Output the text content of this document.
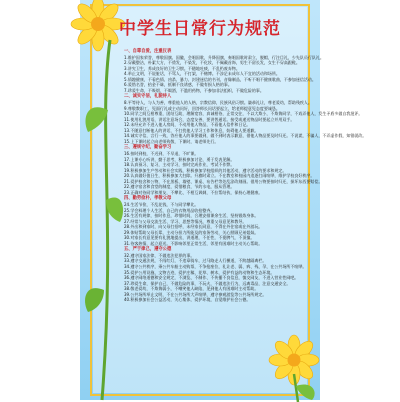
中学生日常行为规范
一、自尊自爱，注重仪表
1.维护国家荣誉，尊敬国旗、国徽，会唱国歌，升降国旗，奏唱国歌时肃立，脱帽，行注目礼，少先队员行队礼。
2.穿戴整洁，朴素大方，不烫发，不染发，不化妆，不佩戴首饰，男生不留长发，女生不穿高跟鞋。
3.讲究卫生，养成良好的卫生习惯。不随地吐痰，不乱扔废弃物。
4.举止文明，不说脏话，不骂人，不打架，不赌博。不涉足未成年人不宜的活动和场所。
5.情趣健康，不看色情、凶杀、暴力、封建迷信的书刊、音像制品，不听不唱不健康歌曲，不参加迷信活动。
6.爱惜名誉，拾金不昧，抵制不良诱惑，不做有损人格的事。
7.珍爱生命，不吸烟，不喝酒，不滥用药物，不参加非法组织，不做危险的事。
二、诚实守信，礼貌待人
8.平等待人，与人为善，尊重他人的人格，宗教信仰，民族风俗习惯。谦恭礼让，尊老爱幼，帮助残疾人。
9.尊敬教职工，见面行礼或主动问好，回答师长问话要起立，给老师提意见态度要诚恳。
10.同学之间互相尊重，团结互助，理解宽容，真诚相待，正常交往，不以大欺小，不欺侮同学，不戏弄他人，发生矛盾多做自我批评。
11.使用礼貌用语，讲话注意场合，态度友善，要讲普通话。接受或递送物品时要起立并用双手。
12.未经允许不进入他人房间，不动用他人物品，不看他人信件和日记。
13.不随意打断他人的讲话，不打扰他人学习工作和休息，妨碍他人要道歉。
14.诚实守信，言行一致，答应他人的事要做到，做不到时表示歉意，借他人物品要及时归还。不说谎，不骗人，不弄虚作假，知错就改。
15.上下课时起立向老师致敬，下课时，请老师先行。
三、遵规守纪，勤奋学习
16.按时到校，不迟到，不早退，不旷课。
17.上课专心听讲，勤于思考，积极参加讨论，勇于发表见解。
18.认真预习、复习，主动学习，按时完成作业，考试不作弊。
19.积极参加生产劳动和社会实践，积极参加学校组织的其他活动，遵守活动的要求和规定。
20.认真做好值日生，积极参加大扫除。升旗时肃立。不在教室和校园内追逐打闹喧哗，维护学校良好秩序。
21.爱护校舍和公物，不在黑板、墙壁、课桌、布告栏等处乱涂改刻画。借用公物要按时归还，损坏东西要赔偿。
22.遵守宿舍和食堂的制度，爱惜粮食，节约水电，服从管理。
23.正确对待同学和朋友，不攀比、不相互讽刺，不拉帮结伙，保持心理健康。
四、勤劳俭朴，孝敬父母
24.生活节俭，不乱花钱，不与同学攀比。
25.学会料理个人生活，自己的衣物用品收拾整齐。
26.生活有规律，按时作息，珍惜时间，合理安排课余生活，坚持锻炼身体。
27.经常与父母交流生活、学习、思想等情况，尊重父母意见和教导。
28.外出和到家时，向父母打招呼，未经家长同意，不得在外住宿或在外游玩。
29.体贴帮助父母长辈，主动分担力所能及的家务劳动，关心照顾兄弟姐妹。
30.对家长有意见要有礼貌地提出，讲道理，不任性，不耍脾气，不顶撞。
31.待客热情，起立迎送。不影响邻里正常生活，邻里有困难时主动关心帮助。
五、严于律己，遵守公德
32.遵守国家法律，不做违法犯罪的事。
33.遵守交通法规，不闯红灯，不违章骑车，过马路走人行横道，不跨越隔离栏。
34.遵守公共秩序，乘公共车船主动购票，不争抢座位，礼让老、弱、病、残、孕，在公共场所不喧哗。
35.爱护公用设施、文物古迹，爱护庄稼、花草、树木，爱护有益的动物和生态环境。
36.遵守网络道德和安全规定，不浏览、不制作、不传播不良信息，慎交网友，不进入营业性网吧。
37.珍爱生命，保护自己，不做危险的事，不玩火，不做违法行为，远离毒品，注意交通安全。
38.敬老爱幼，不欺侮弱小，不嘲笑他人缺陷，见到他人有困难时主动帮助。
39.公共场所举止文明，不在公共场所大声喧哗，遵守参观游览等公共场所规定。
40.积极参加社会公益活动，关心集体，爱护环境，自觉维护社会公德。
